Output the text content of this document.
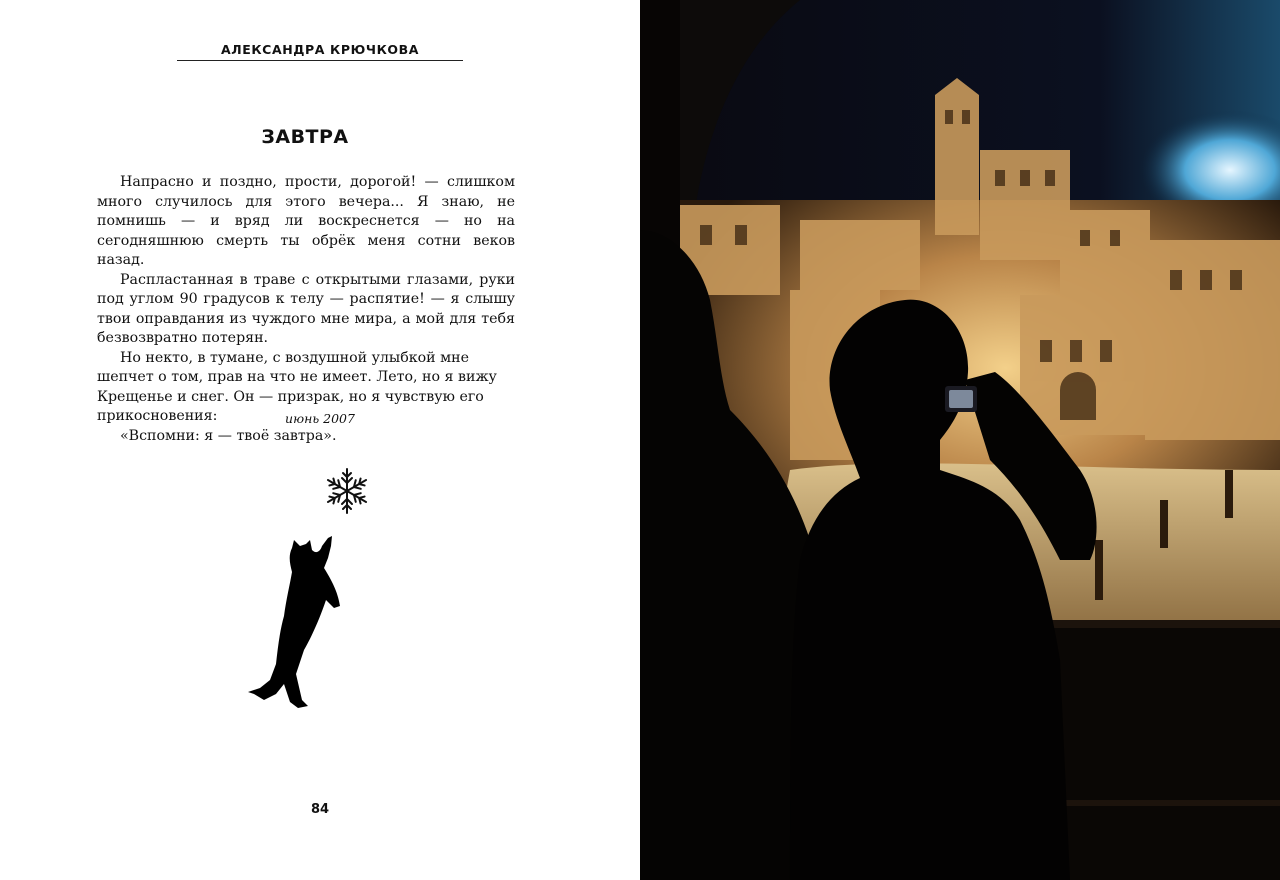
АЛЕКСАНДРА КРЮЧКОВА
ЗАВТРА

Напрасно и поздно, прости, дорогой! — слишком много случилось для этого вечера... Я знаю, не помнишь — и вряд ли воскреснется — но на сегодняшнюю смерть ты обрёк меня сотни веков назад.

Распластанная в траве с открытыми глазами, руки под углом 90 градусов к телу — распятие! — я слышу твои оправдания из чуждого мне мира, а мой для тебя безвозвратно потерян.

Но некто, в тумане, с воздушной улыбкой мне шепчет о том, прав на что не имеет. Лето, но я вижу Крещенье и снег. Он — призрак, но я чувствую его прикосновения:

«Вспомни: я — твоё завтра».

июнь 2007
84
